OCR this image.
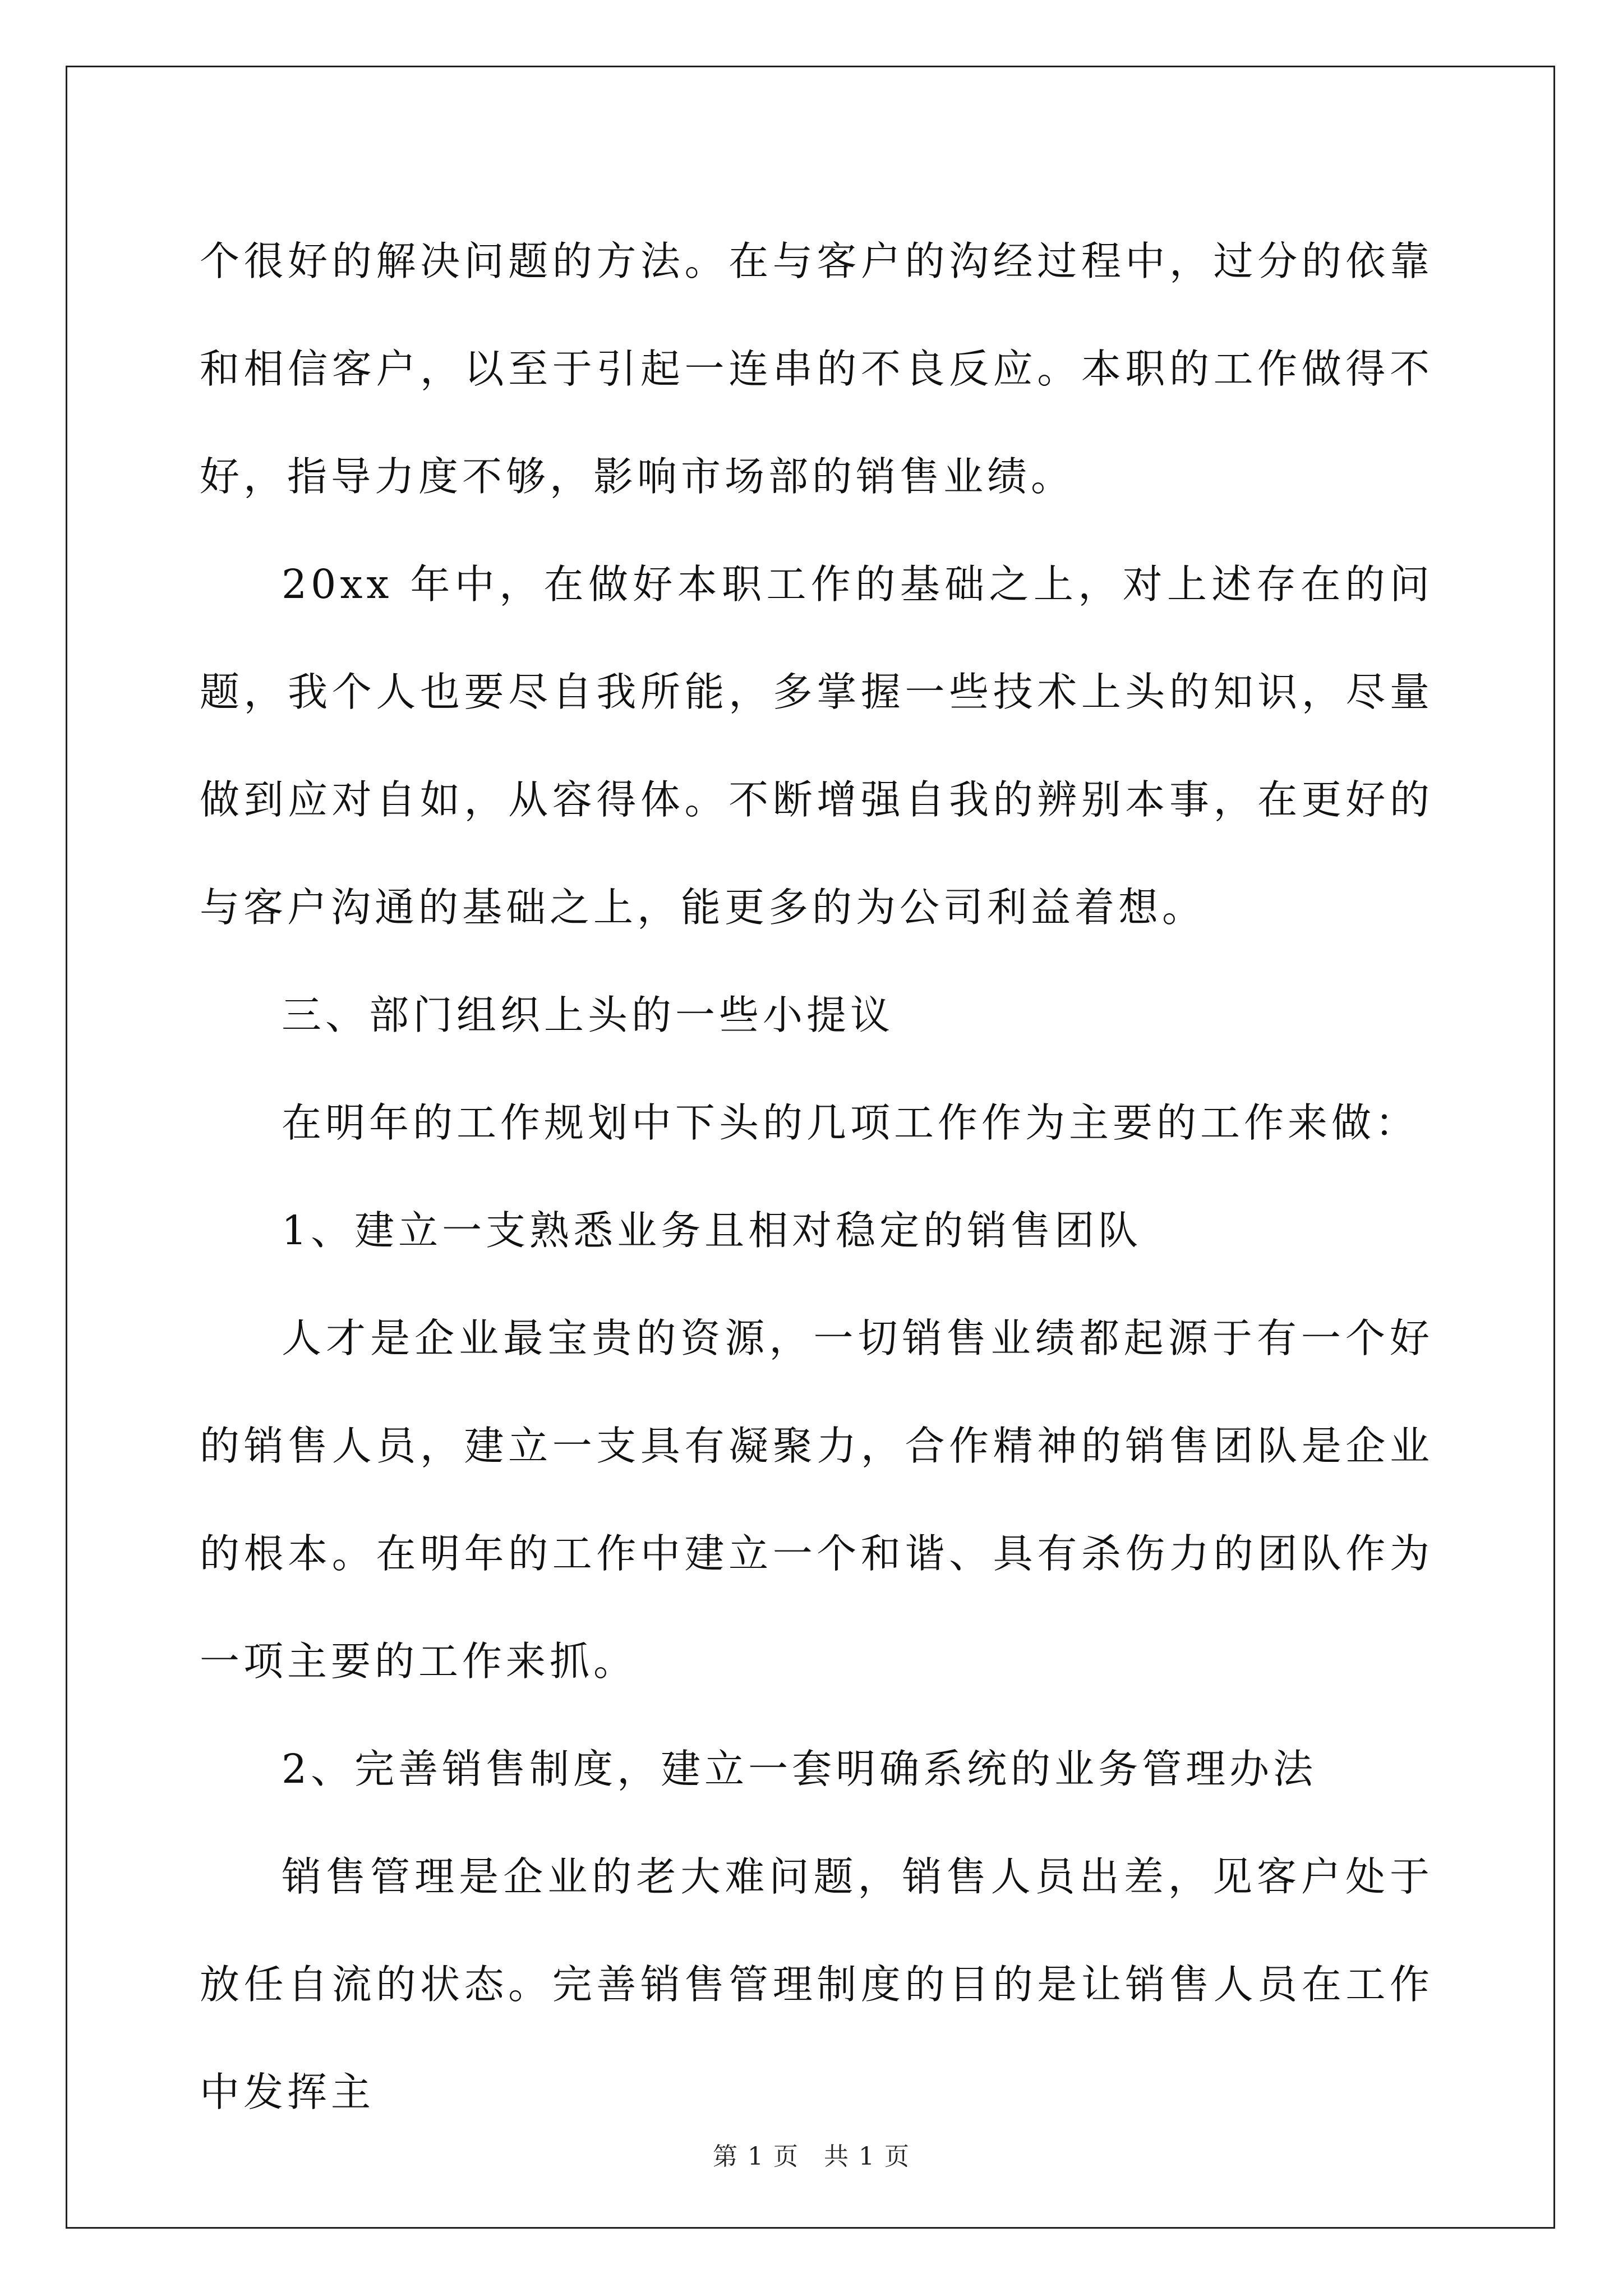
个很好的解决问题的方法。在与客户的沟经过程中，过分的依靠和相信客户，以至于引起一连串的不良反应。本职的工作做得不好，指导力度不够，影响市场部的销售业绩。

20xx 年中，在做好本职工作的基础之上，对上述存在的问题，我个人也要尽自我所能，多掌握一些技术上头的知识，尽量做到应对自如，从容得体。不断增强自我的辨别本事，在更好的与客户沟通的基础之上，能更多的为公司利益着想。

三、部门组织上头的一些小提议

在明年的工作规划中下头的几项工作作为主要的工作来做：

1、建立一支熟悉业务且相对稳定的销售团队

人才是企业最宝贵的资源，一切销售业绩都起源于有一个好的销售人员，建立一支具有凝聚力，合作精神的销售团队是企业的根本。在明年的工作中建立一个和谐、具有杀伤力的团队作为一项主要的工作来抓。

2、完善销售制度，建立一套明确系统的业务管理办法

销售管理是企业的老大难问题，销售人员出差，见客户处于放任自流的状态。完善销售管理制度的目的是让销售人员在工作中发挥主

第 1 页 共 1 页
